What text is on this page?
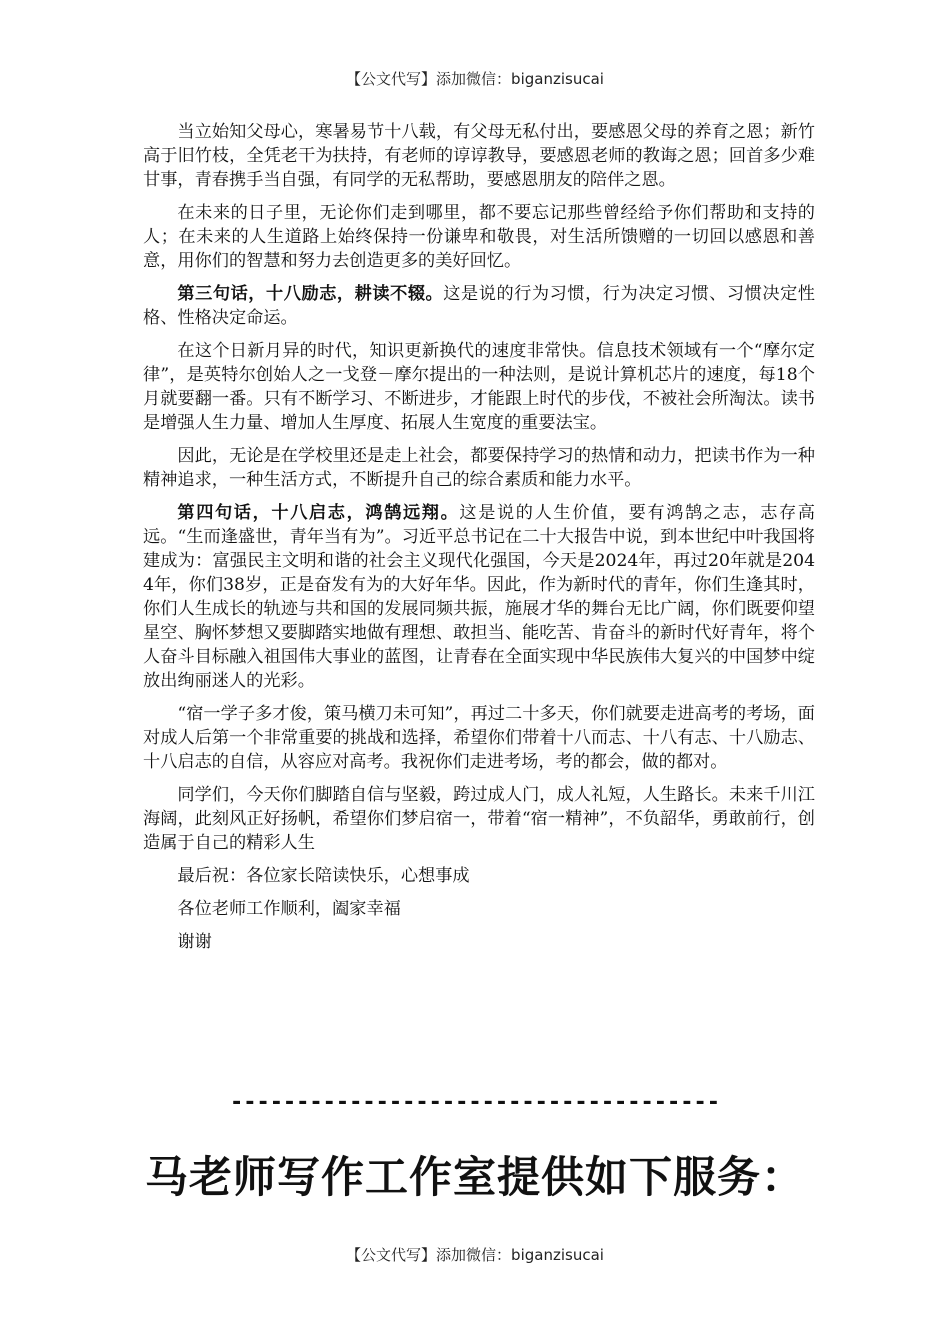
【公文代写】添加微信：biganzisucai

当立始知父母心，寒暑易节十八载，有父母无私付出，要感恩父母的养育之恩；新竹高于旧竹枝，全凭老干为扶持，有老师的谆谆教导，要感恩老师的教诲之恩；回首多少难甘事，青春携手当自强，有同学的无私帮助，要感恩朋友的陪伴之恩。

在未来的日子里，无论你们走到哪里，都不要忘记那些曾经给予你们帮助和支持的人；在未来的人生道路上始终保持一份谦卑和敬畏，对生活所馈赠的一切回以感恩和善意，用你们的智慧和努力去创造更多的美好回忆。

第三句话，十八励志，耕读不辍。这是说的行为习惯，行为决定习惯、习惯决定性格、性格决定命运。

在这个日新月异的时代，知识更新换代的速度非常快。信息技术领域有一个“摩尔定律”，是英特尔创始人之一戈登－摩尔提出的一种法则，是说计算机芯片的速度，每18个月就要翻一番。只有不断学习、不断进步，才能跟上时代的步伐，不被社会所淘汰。读书是增强人生力量、增加人生厚度、拓展人生宽度的重要法宝。

因此，无论是在学校里还是走上社会，都要保持学习的热情和动力，把读书作为一种精神追求，一种生活方式，不断提升自己的综合素质和能力水平。

第四句话，十八启志，鸿鹄远翔。这是说的人生价值，要有鸿鹄之志，志存高远。“生而逢盛世，青年当有为”。习近平总书记在二十大报告中说，到本世纪中叶我国将建成为：富强民主文明和谐的社会主义现代化强国，今天是2024年，再过20年就是2044年，你们38岁，正是奋发有为的大好年华。因此，作为新时代的青年，你们生逢其时，你们人生成长的轨迹与共和国的发展同频共振，施展才华的舞台无比广阔，你们既要仰望星空、胸怀梦想又要脚踏实地做有理想、敢担当、能吃苦、肯奋斗的新时代好青年，将个人奋斗目标融入祖国伟大事业的蓝图，让青春在全面实现中华民族伟大复兴的中国梦中绽放出绚丽迷人的光彩。

“宿一学子多才俊，策马横刀未可知”，再过二十多天，你们就要走进高考的考场，面对成人后第一个非常重要的挑战和选择，希望你们带着十八而志、十八有志、十八励志、十八启志的自信，从容应对高考。我祝你们走进考场，考的都会，做的都对。

同学们，今天你们脚踏自信与坚毅，跨过成人门，成人礼短，人生路长。未来千川江海阔，此刻风正好扬帆，希望你们梦启宿一，带着“宿一精神”，不负韶华，勇敢前行，创造属于自己的精彩人生

最后祝：各位家长陪读快乐，心想事成

各位老师工作顺利，阖家幸福

谢谢

-------------------------------------
马老师写作工作室提供如下服务：
【公文代写】添加微信：biganzisucai
